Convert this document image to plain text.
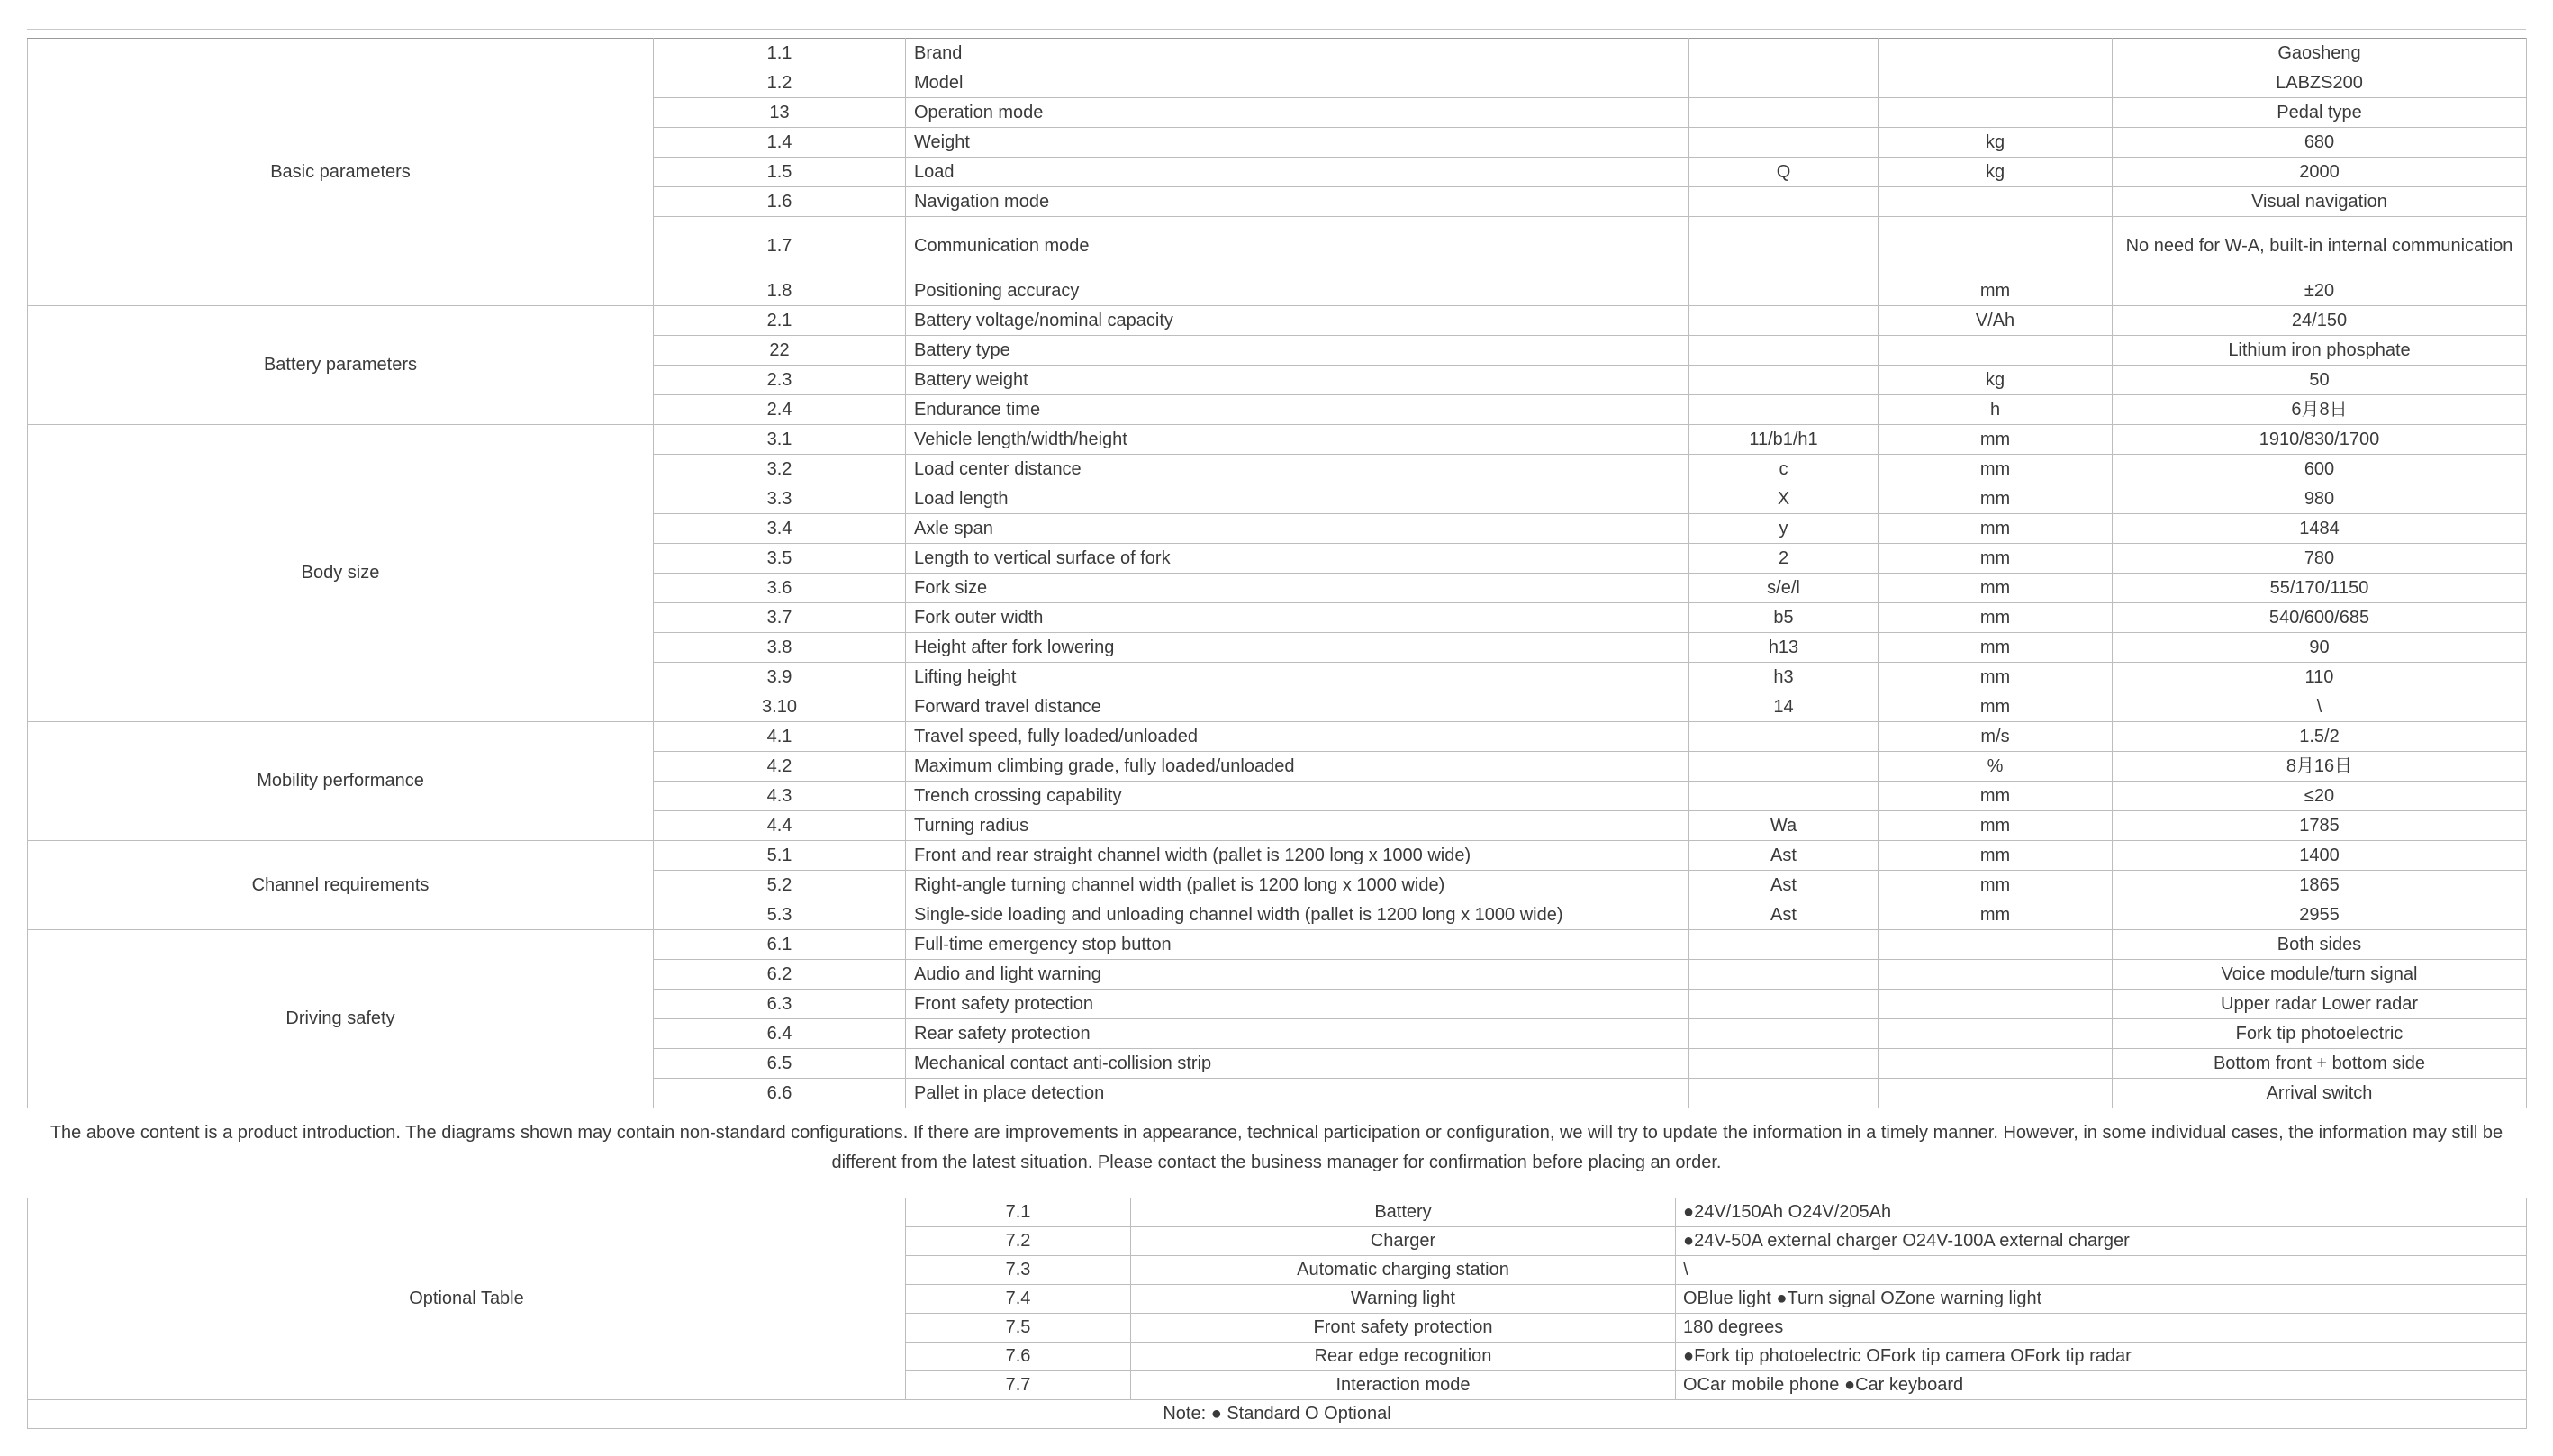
Basic parameters	1.1	Brand			Gaosheng
	1.2	Model			LABZS200
	13	Operation mode			Pedal type
	1.4	Weight		kg	680
	1.5	Load	Q	kg	2000
	1.6	Navigation mode			Visual navigation
	1.7	Communication mode			No need for W-A, built-in internal communication
	1.8	Positioning accuracy		mm	±20
Battery parameters	2.1	Battery voltage/nominal capacity		V/Ah	24/150
	22	Battery type			Lithium iron phosphate
	2.3	Battery weight		kg	50
	2.4	Endurance time		h	6月8日
Body size	3.1	Vehicle length/width/height	11/b1/h1	mm	1910/830/1700
	3.2	Load center distance	c	mm	600
	3.3	Load length	X	mm	980
	3.4	Axle span	y	mm	1484
	3.5	Length to vertical surface of fork	2	mm	780
	3.6	Fork size	s/e/l	mm	55/170/1150
	3.7	Fork outer width	b5	mm	540/600/685
	3.8	Height after fork lowering	h13	mm	90
	3.9	Lifting height	h3	mm	110
	3.10	Forward travel distance	14	mm	\
Mobility performance	4.1	Travel speed, fully loaded/unloaded		m/s	1.5/2
	4.2	Maximum climbing grade, fully loaded/unloaded		%	8月16日
	4.3	Trench crossing capability		mm	≤20
	4.4	Turning radius	Wa	mm	1785
Channel requirements	5.1	Front and rear straight channel width (pallet is 1200 long x 1000 wide)	Ast	mm	1400
	5.2	Right-angle turning channel width (pallet is 1200 long x 1000 wide)	Ast	mm	1865
	5.3	Single-side loading and unloading channel width (pallet is 1200 long x 1000 wide)	Ast	mm	2955
Driving safety	6.1	Full-time emergency stop button			Both sides
	6.2	Audio and light warning			Voice module/turn signal
	6.3	Front safety protection			Upper radar Lower radar
	6.4	Rear safety protection			Fork tip photoelectric
	6.5	Mechanical contact anti-collision strip			Bottom front + bottom side
	6.6	Pallet in place detection			Arrival switch

The above content is a product introduction. The diagrams shown may contain non-standard configurations. If there are improvements in appearance, technical participation or configuration, we will try to update the information in a timely manner. However, in some individual cases, the information may still be different from the latest situation. Please contact the business manager for confirmation before placing an order.

Optional Table	7.1	Battery	●24V/150Ah O24V/205Ah
	7.2	Charger	●24V-50A external charger O24V-100A external charger
	7.3	Automatic charging station	\
	7.4	Warning light	OBlue light ●Turn signal OZone warning light
	7.5	Front safety protection	180 degrees
	7.6	Rear edge recognition	●Fork tip photoelectric OFork tip camera OFork tip radar
	7.7	Interaction mode	OCar mobile phone ●Car keyboard
Note: ● Standard O Optional			
